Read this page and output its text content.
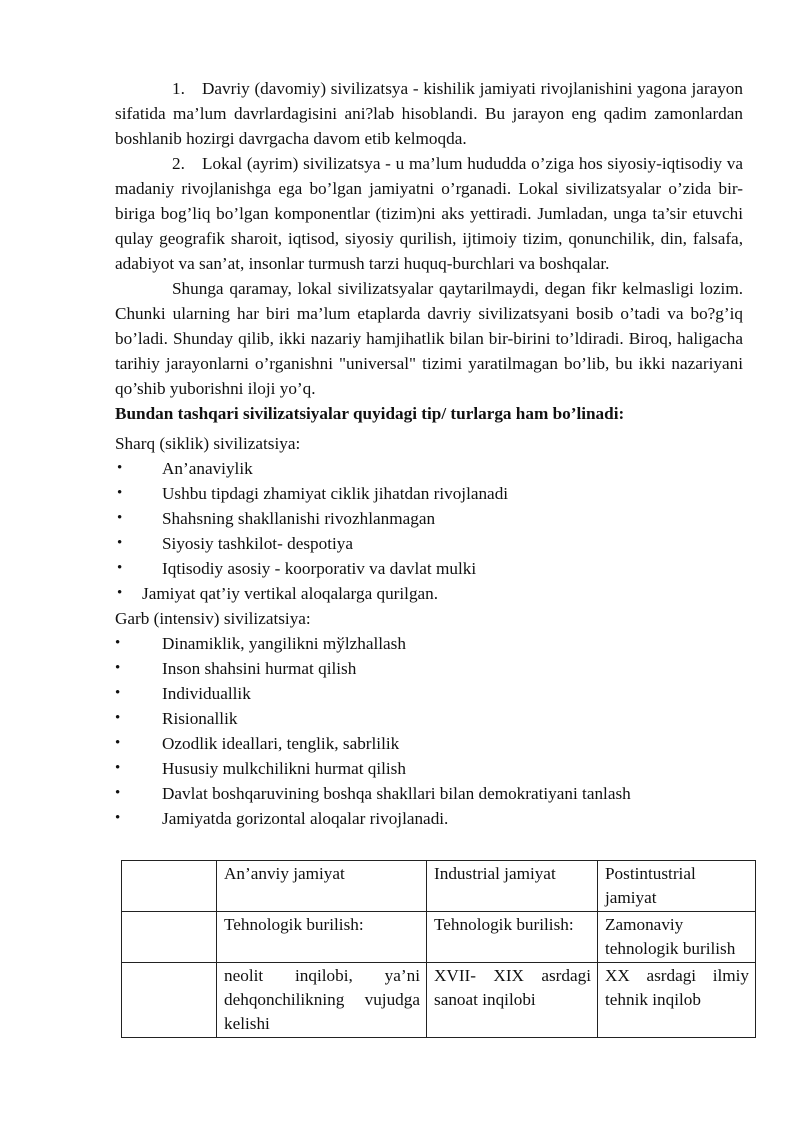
1. Davriy (davomiy) sivilizatsya - kishilik jamiyati rivojlanishini yagona jarayon sifatida ma’lum davrlardagisini ani?lab hisoblandi. Bu jarayon eng qadim zamonlardan boshlanib hozirgi davrgacha davom etib kelmoqda.

2. Lokal (ayrim) sivilizatsya - u ma’lum hududda o’ziga hos siyosiy-iqtisodiy va madaniy rivojlanishga ega bo’lgan jamiyatni o’rganadi. Lokal sivilizatsyalar o’zida bir-biriga bog’liq bo’lgan komponentlar (tizim)ni aks yettiradi. Jumladan, unga ta’sir etuvchi qulay geografik sharoit, iqtisod, siyosiy qurilish, ijtimoiy tizim, qonunchilik, din, falsafa, adabiyot va san’at, insonlar turmush tarzi huquq-burchlari va boshqalar.

Shunga qaramay, lokal sivilizatsyalar qaytarilmaydi, degan fikr kelmasligi lozim. Chunki ularning har biri ma’lum etaplarda davriy sivilizatsyani bosib o’tadi va bo?g’iq bo’ladi. Shunday qilib, ikki nazariy hamjihatlik bilan bir-birini to’ldiradi. Biroq, haligacha tarihiy jarayonlarni o’rganishni "universal" tizimi yaratilmagan bo’lib, bu ikki nazariyani qo’shib yuborishni iloji yo’q.

Bundan tashqari sivilizatsiyalar quyidagi tip/ turlarga ham bo’linadi:

Sharq (siklik) sivilizatsiya:

• An’anaviylik
• Ushbu tipdagi zhamiyat ciklik jihatdan rivojlanadi
• Shahsning shakllanishi rivozhlanmagan
• Siyosiy tashkilot- despotiya
• Iqtisodiy asosiy - koorporativ va davlat mulki
• Jamiyat qat’iy vertikal aloqalarga qurilgan.

Garb (intensiv) sivilizatsiya:

• Dinamiklik, yangilikni mўlzhallash
• Inson shahsini hurmat qilish
• Individuallik
• Risionallik
• Ozodlik ideallari, tenglik, sabrlilik
• Hususiy mulkchilikni hurmat qilish
• Davlat boshqaruvining boshqa shakllari bilan demokratiyani tanlash
• Jamiyatda gorizontal aloqalar rivojlanadi.
	An’anviy jamiyat	Industrial jamiyat	Postintustrial jamiyat
	Tehnologik burilish:	Tehnologik burilish:	Zamonaviy tehnologik burilish
	neolit inqilobi, ya’ni dehqonchilikning vujudga kelishi	XVII- XIX asrdagi sanoat inqilobi	XX asrdagi ilmiy tehnik inqilob
